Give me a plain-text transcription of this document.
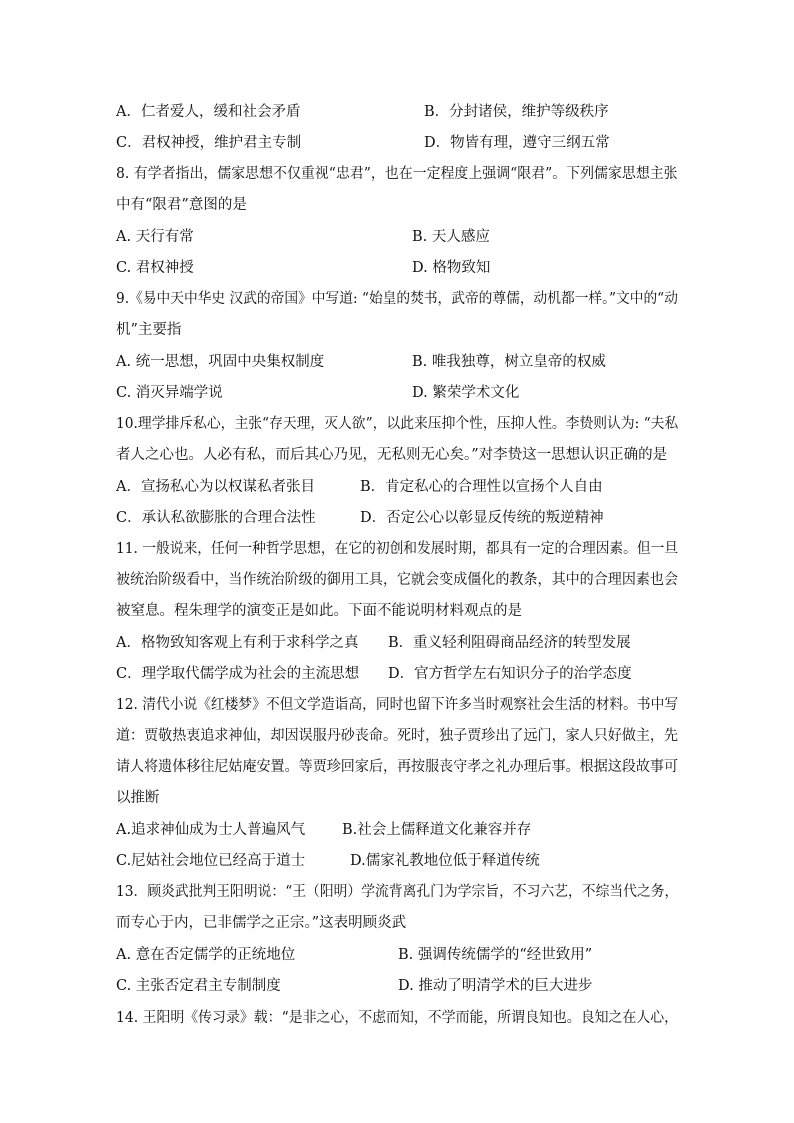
A．仁者爱人，缓和社会矛盾	B．分封诸侯，维护等级秩序
C．君权神授，维护君主专制	D．物皆有理，遵守三纲五常
8. 有学者指出，儒家思想不仅重视“忠君”，也在一定程度上强调“限君”。下列儒家思想主张
中有“限君”意图的是
A. 天行有常	B. 天人感应
C. 君权神授	D. 格物致知
9.《易中天中华史 汉武的帝国》中写道: “始皇的焚书，武帝的尊儒，动机都一样。”文中的“动
机”主要指
A. 统一思想，巩固中央集权制度	B. 唯我独尊，树立皇帝的权威
C. 消灭异端学说	D. 繁荣学术文化
10.理学排斥私心，主张“存天理，灭人欲”，以此来压抑个性，压抑人性。李贽则认为: “夫私
者人之心也。人必有私，而后其心乃见，无私则无心矣。”对李贽这一思想认识正确的是
A．宣扬私心为以权谋私者张目	B．肯定私心的合理性以宣扬个人自由
C．承认私欲膨胀的合理合法性	D．否定公心以彰显反传统的叛逆精神
11. 一般说来，任何一种哲学思想，在它的初创和发展时期，都具有一定的合理因素。但一旦
被统治阶级看中，当作统治阶级的御用工具，它就会变成僵化的教条，其中的合理因素也会
被窒息。程朱理学的演变正是如此。下面不能说明材料观点的是
A．格物致知客观上有利于求科学之真 B．重义轻利阻碍商品经济的转型发展
C．理学取代儒学成为社会的主流思想 D．官方哲学左右知识分子的治学态度
12. 清代小说《红楼梦》不但文学造诣高，同时也留下许多当时观察社会生活的材料。书中写
道：贾敬热衷追求神仙，却因误服丹砂丧命。死时，独子贾珍出了远门，家人只好做主，先
请人将遗体移往尼姑庵安置。等贾珍回家后，再按服丧守孝之礼办理后事。根据这段故事可
以推断
A.追求神仙成为士人普遍风气	B.社会上儒释道文化兼容并存
C.尼姑社会地位已经高于道士	D.儒家礼教地位低于释道传统
13．顾炎武批判王阳明说：“王（阳明）学流背离孔门为学宗旨，不习六艺，不综当代之务，
而专心于内，已非儒学之正宗。”这表明顾炎武
A. 意在否定儒学的正统地位	B. 强调传统儒学的“经世致用”
C. 主张否定君主专制制度	D. 推动了明清学术的巨大进步
14. 王阳明《传习录》载：“是非之心，不虑而知，不学而能，所谓良知也。良知之在人心，
